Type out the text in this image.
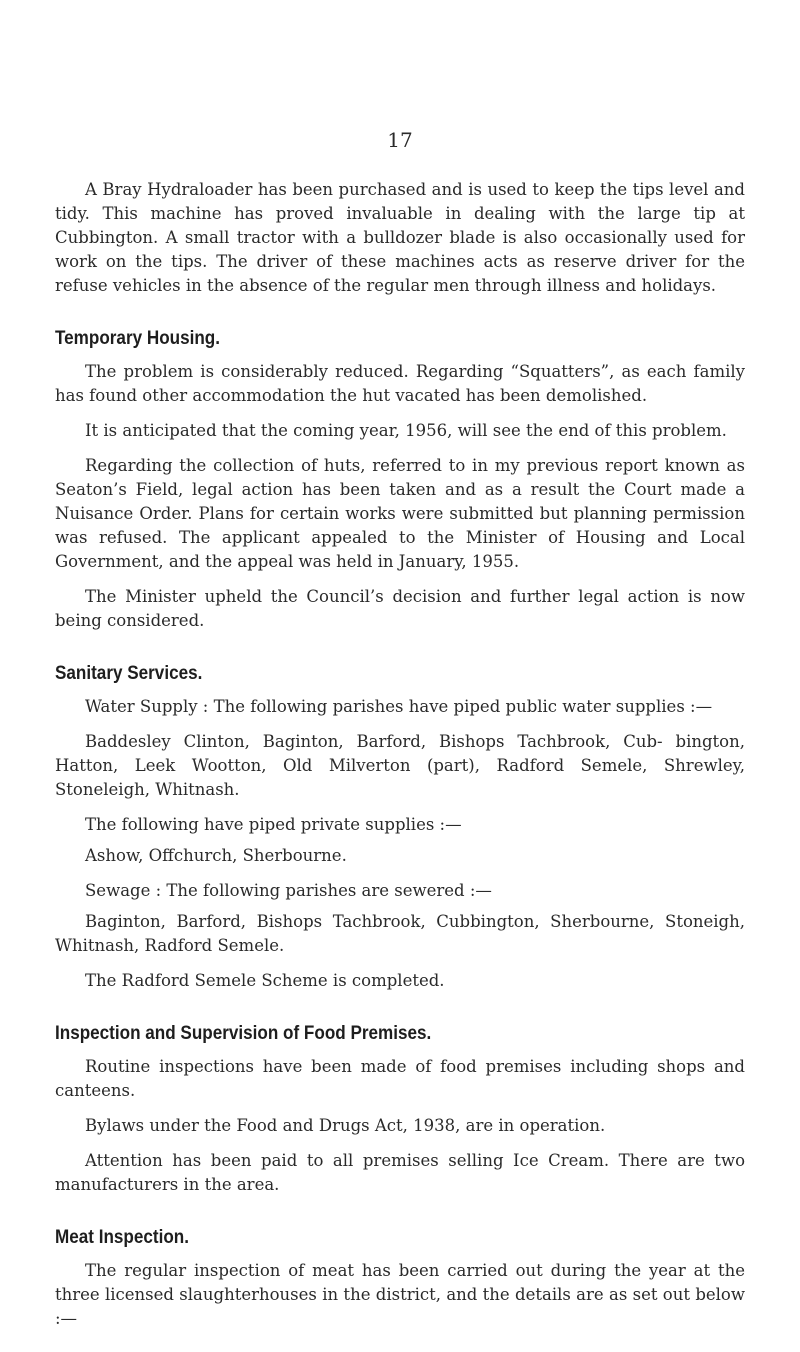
17

A Bray Hydraloader has been purchased and is used to keep the tips level and tidy. This machine has proved invaluable in dealing with the large tip at Cubbington. A small tractor with a bulldozer blade is also occasionally used for work on the tips. The driver of these machines acts as reserve driver for the refuse vehicles in the absence of the regular men through illness and holidays.

Temporary Housing.

The problem is considerably reduced. Regarding “Squatters”, as each family has found other accommodation the hut vacated has been demolished.

It is anticipated that the coming year, 1956, will see the end of this problem.

Regarding the collection of huts, referred to in my previous report known as Seaton’s Field, legal action has been taken and as a result the Court made a Nuisance Order. Plans for certain works were submitted but planning permission was refused. The applicant appealed to the Minister of Housing and Local Government, and the appeal was held in January, 1955.

The Minister upheld the Council’s decision and further legal action is now being considered.

Sanitary Services.

Water Supply : The following parishes have piped public water supplies :—

Baddesley Clinton, Baginton, Barford, Bishops Tachbrook, Cub- bington, Hatton, Leek Wootton, Old Milverton (part), Radford Semele, Shrewley, Stoneleigh, Whitnash.

The following have piped private supplies :—

Ashow, Offchurch, Sherbourne.

Sewage : The following parishes are sewered :—

Baginton, Barford, Bishops Tachbrook, Cubbington, Sherbourne, Stoneigh, Whitnash, Radford Semele.

The Radford Semele Scheme is completed.

Inspection and Supervision of Food Premises.

Routine inspections have been made of food premises including shops and canteens.

Bylaws under the Food and Drugs Act, 1938, are in operation.

Attention has been paid to all premises selling Ice Cream. There are two manufacturers in the area.

Meat Inspection.

The regular inspection of meat has been carried out during the year at the three licensed slaughterhouses in the district, and the details are as set out below :—
